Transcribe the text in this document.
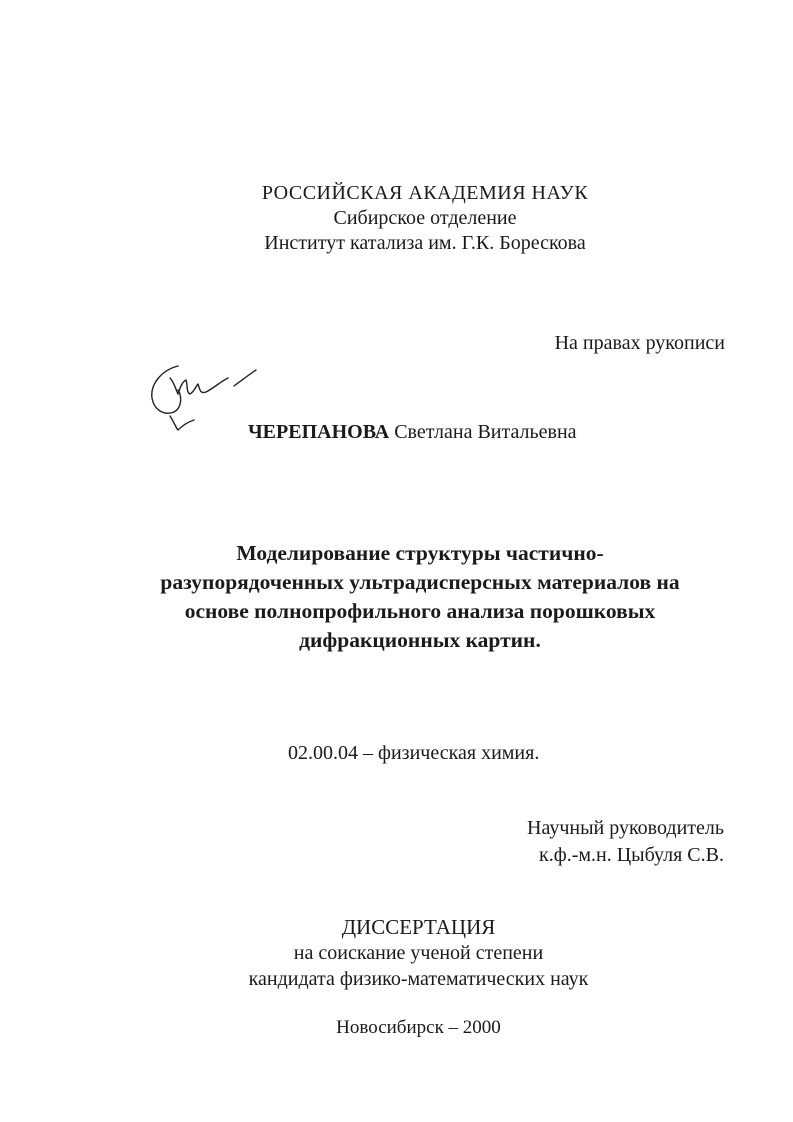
РОССИЙСКАЯ АКАДЕМИЯ НАУК
Сибирское отделение
Институт катализа им. Г.К. Борескова
На правах рукописи
ЧЕРЕПАНОВА Светлана Витальевна
Моделирование структуры частично-
разупорядоченных ультрадисперсных материалов на
основе полнопрофильного анализа порошковых
дифракционных картин.
02.00.04 – физическая химия.
Научный руководитель
к.ф.-м.н. Цыбуля С.В.
ДИССЕРТАЦИЯ
на соискание ученой степени
кандидата физико-математических наук
Новосибирск – 2000
